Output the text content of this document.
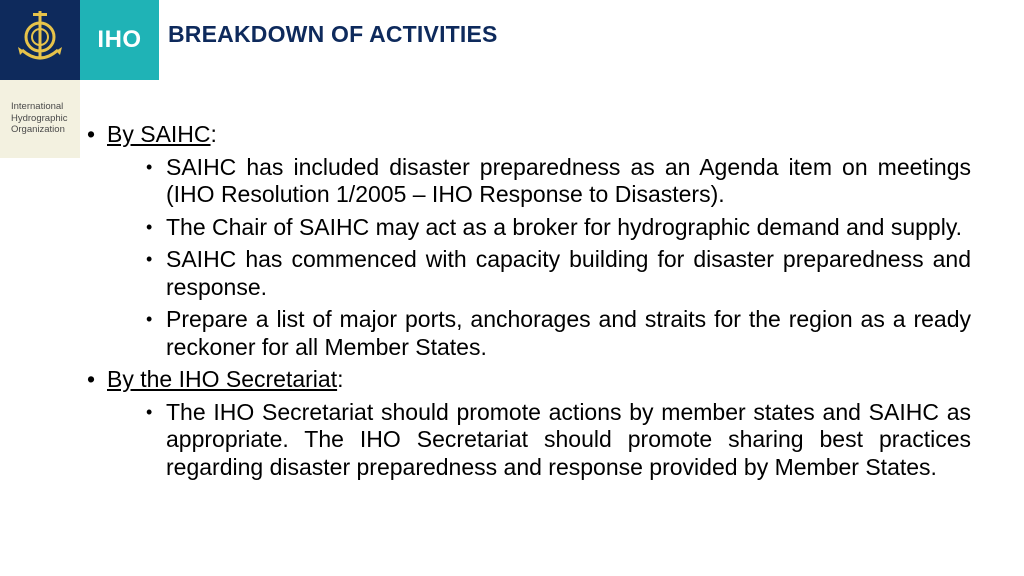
IHO
International
Hydrographic
Organization
BREAKDOWN OF ACTIVITIES
• By SAIHC:
• SAIHC has included disaster preparedness as an Agenda item on meetings (IHO Resolution 1/2005 – IHO Response to Disasters).
• The Chair of SAIHC may act as a broker for hydrographic demand and supply.
• SAIHC has commenced with capacity building for disaster preparedness and response.
• Prepare a list of major ports, anchorages and straits for the region as a ready reckoner for all Member States.
• By the IHO Secretariat:
• The IHO Secretariat should promote actions by member states and SAIHC as appropriate. The IHO Secretariat should promote sharing best practices regarding disaster preparedness and response provided by Member States.
